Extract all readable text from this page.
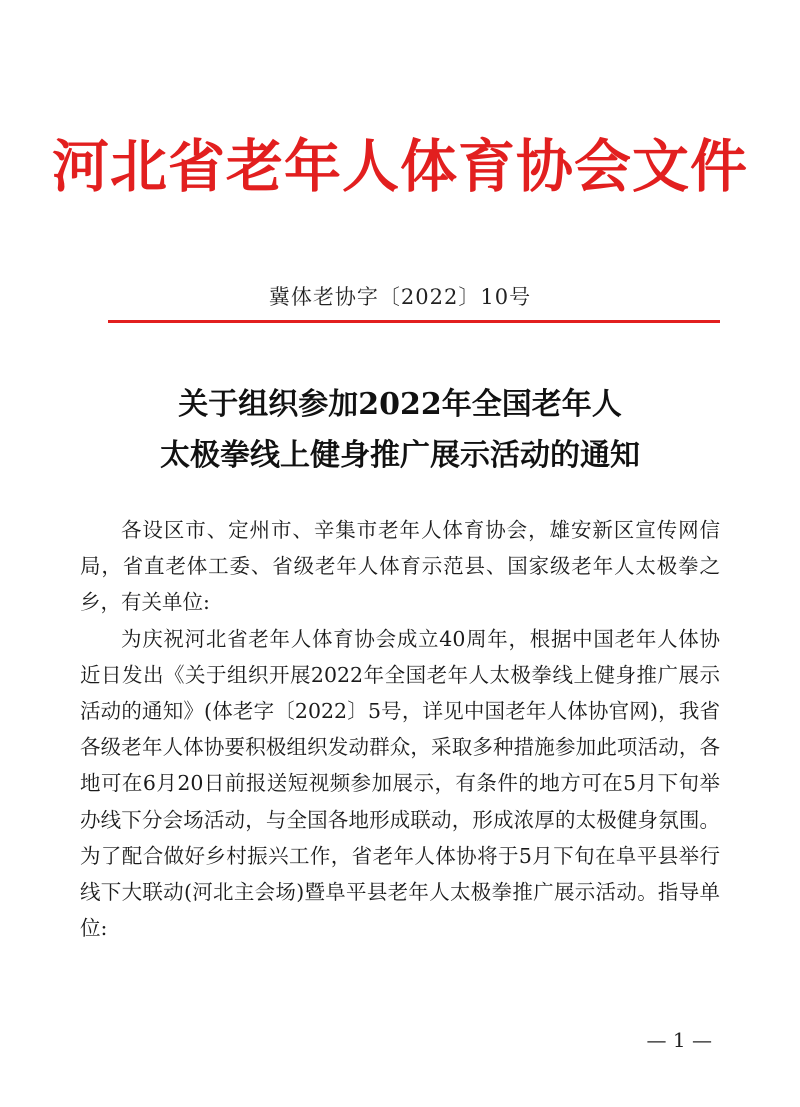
河北省老年人体育协会文件
冀体老协字〔2022〕10号
关于组织参加2022年全国老年人
太极拳线上健身推广展示活动的通知

各设区市、定州市、辛集市老年人体育协会，雄安新区宣传网信局，省直老体工委、省级老年人体育示范县、国家级老年人太极拳之乡，有关单位:

为庆祝河北省老年人体育协会成立40周年，根据中国老年人体协近日发出《关于组织开展2022年全国老年人太极拳线上健身推广展示活动的通知》(体老字〔2022〕5号，详见中国老年人体协官网)，我省各级老年人体协要积极组织发动群众，采取多种措施参加此项活动，各地可在6月20日前报送短视频参加展示，有条件的地方可在5月下旬举办线下分会场活动，与全国各地形成联动，形成浓厚的太极健身氛围。为了配合做好乡村振兴工作，省老年人体协将于5月下旬在阜平县举行线下大联动(河北主会场)暨阜平县老年人太极拳推广展示活动。指导单位:

— 1 —
